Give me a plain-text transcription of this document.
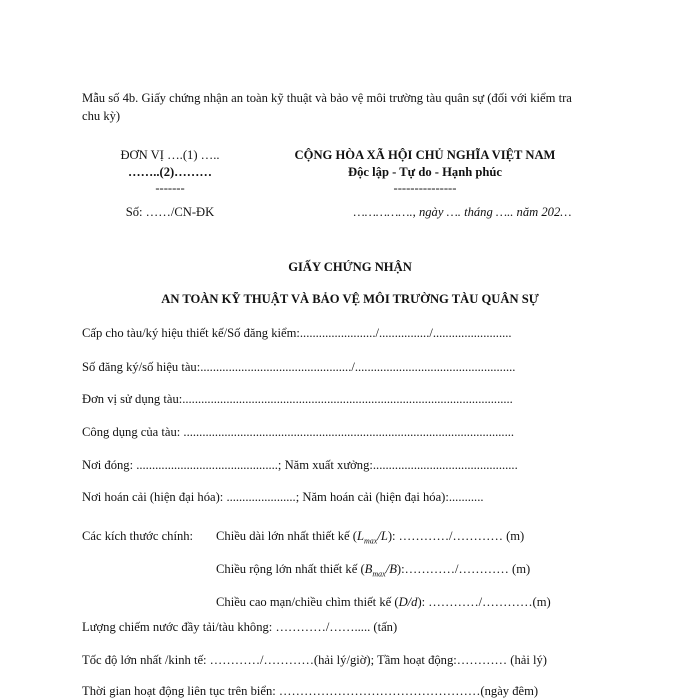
Mẫu số 4b. Giấy chứng nhận an toàn kỹ thuật và bảo vệ môi trường tàu quân sự (đối với kiểm tra
chu kỳ)
ĐƠN VỊ ….(1) …..
……..(2)………
-------
Số: ……/CN-ĐK
CỘNG HÒA XÃ HỘI CHỦ NGHĨA VIỆT NAM
Độc lập - Tự do - Hạnh phúc
---------------
……………., ngày …. tháng ….. năm 202…
GIẤY CHỨNG NHẬN
AN TOÀN KỸ THUẬT VÀ BẢO VỆ MÔI TRƯỜNG TÀU QUÂN SỰ
Cấp cho tàu/ký hiệu thiết kế/Số đăng kiểm:......................../................/.........................
Số đăng ký/số hiệu tàu:................................................/...................................................
Đơn vị sử dụng tàu:.........................................................................................................
Công dụng của tàu: .........................................................................................................
Nơi đóng: .............................................; Năm xuất xưởng:..............................................
Nơi hoán cải (hiện đại hóa): ......................; Năm hoán cải (hiện đại hóa):...........
Các kích thước chính: Chiều dài lớn nhất thiết kế $(L_{max}/L)$: …………/………… (m)
Chiều rộng lớn nhất thiết kế $(B_{max}/B):\dots\dots\dots\dots/\dots\dots\dots\dots$ (m)
Chiều cao mạn/chiều chìm thiết kế (D/d): …………/…………(m)
Lượng chiếm nước đầy tải/tàu không: …………/……..... (tấn)
Tốc độ lớn nhất /kinh tế: …………/…………(hải lý/giờ); Tầm hoạt động:………… (hải lý)
Thời gian hoạt động liên tục trên biển: …………………………………………(ngày đêm)
